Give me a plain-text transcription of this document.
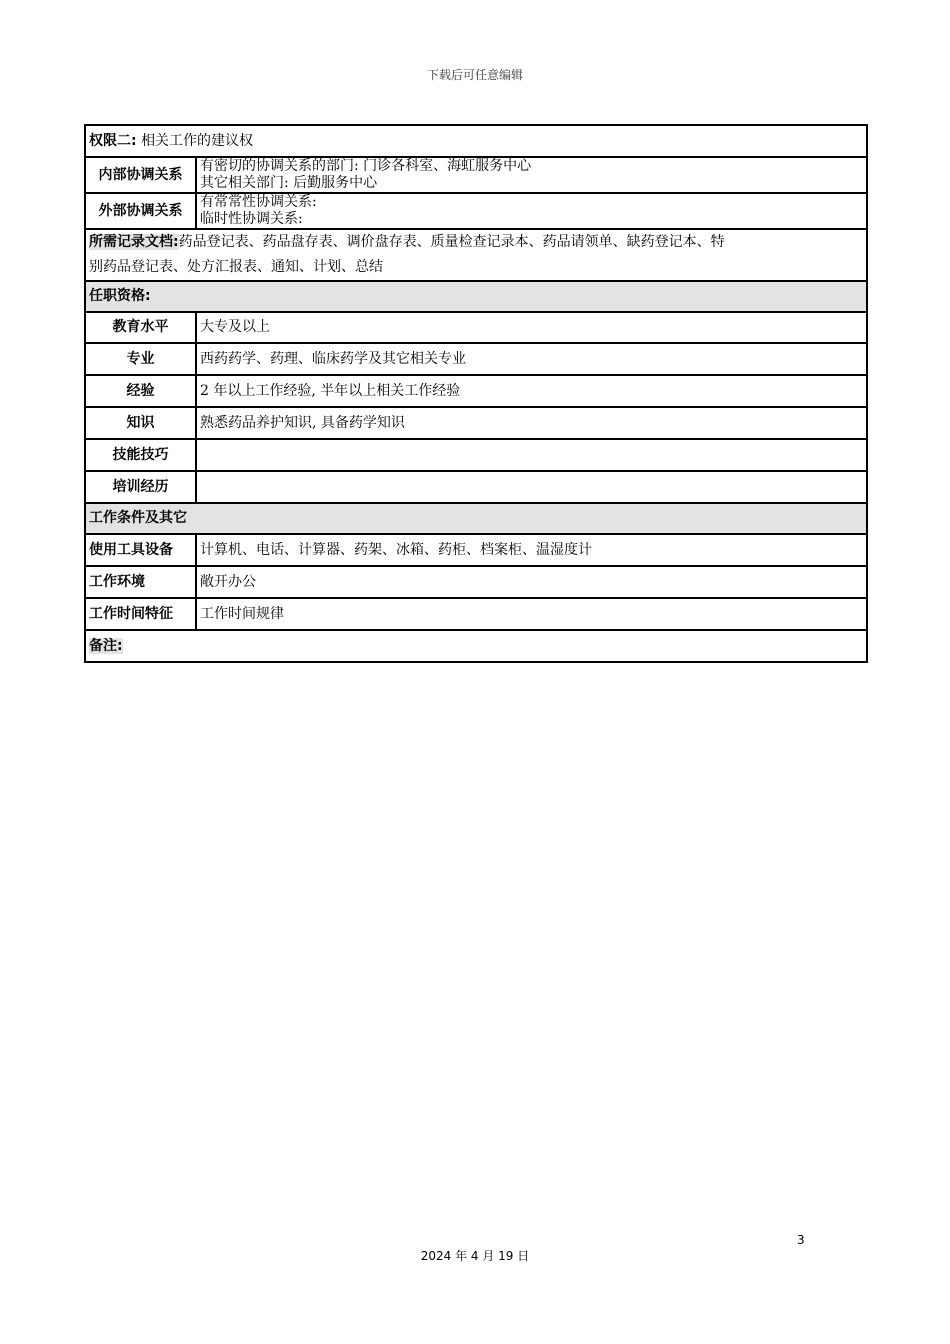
下载后可任意编辑
权限二: 相关工作的建议权	
内部协调关系	有密切的协调关系的部门: 门诊各科室、海虹服务中心
其它相关部门: 后勤服务中心

外部协调关系	有常常性协调关系:
临时性协调关系:

所需记录文档:药品登记表、药品盘存表、调价盘存表、质量检查记录本、药品请领单、缺药登记本、特
别药品登记表、处方汇报表、通知、计划、总结	
任职资格:	
教育水平	大专及以上
专业	西药药学、药理、临床药学及其它相关专业
经验	2 年以上工作经验, 半年以上相关工作经验
知识	熟悉药品养护知识, 具备药学知识
技能技巧	
培训经历	
工作条件及其它	
使用工具设备	计算机、电话、计算器、药架、冰箱、药柜、档案柜、温湿度计
工作环境	敞开办公
工作时间特征	工作时间规律
备注:	
3
2024 年 4 月 19 日
